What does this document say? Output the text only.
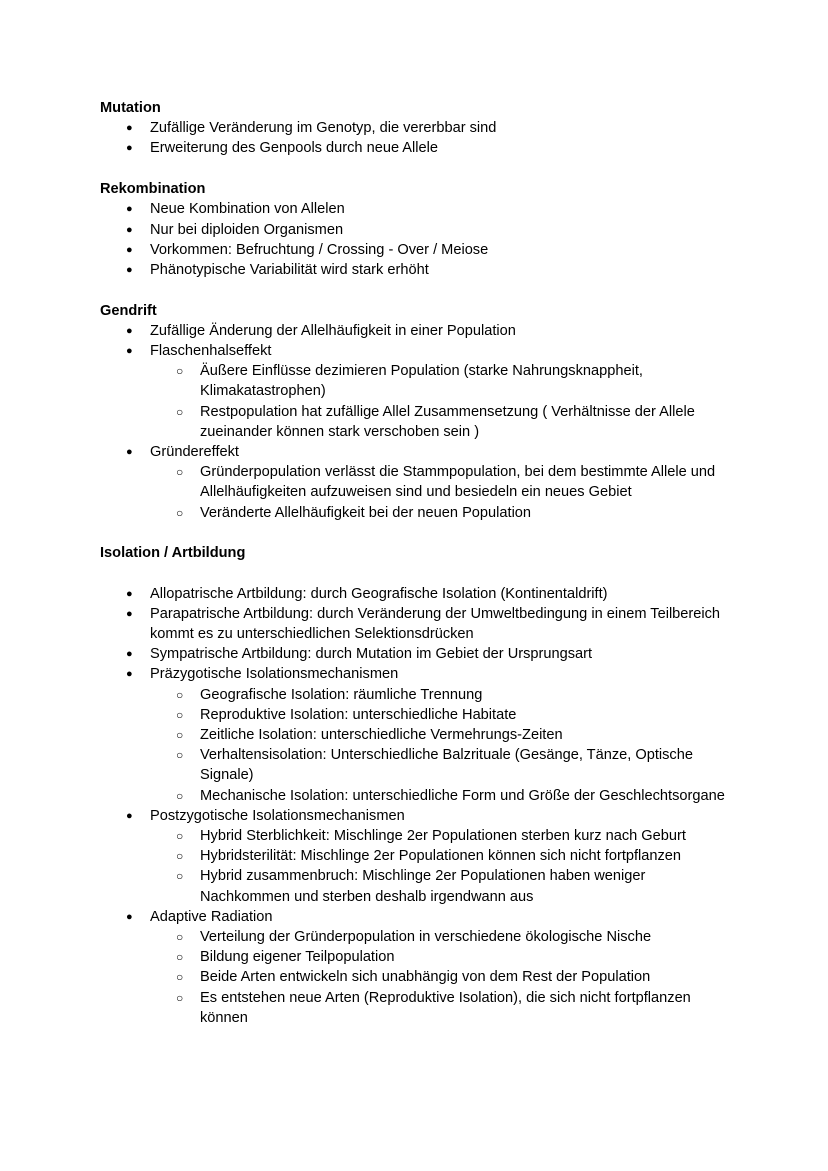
Mutation

● Zufällige Veränderung im Genotyp, die vererbbar sind
● Erweiterung des Genpools durch neue Allele

Rekombination

● Neue Kombination von Allelen
● Nur bei diploiden Organismen
● Vorkommen: Befruchtung / Crossing - Over / Meiose
● Phänotypische Variabilität wird stark erhöht

Gendrift

● Zufällige Änderung der Allelhäufigkeit in einer Population
● Flaschenhalseffekt
○ Äußere Einflüsse dezimieren Population (starke Nahrungsknappheit, Klimakatastrophen)
○ Restpopulation hat zufällige Allel Zusammensetzung ( Verhältnisse der Allele zueinander können stark verschoben sein )
● Gründereffekt
○ Gründerpopulation verlässt die Stammpopulation, bei dem bestimmte Allele und Allelhäufigkeiten aufzuweisen sind und besiedeln ein neues Gebiet
○ Veränderte Allelhäufigkeit bei der neuen Population

Isolation / Artbildung

● Allopatrische Artbildung: durch Geografische Isolation (Kontinentaldrift)
● Parapatrische Artbildung: durch Veränderung der Umweltbedingung in einem Teilbereich kommt es zu unterschiedlichen Selektionsdrücken
● Sympatrische Artbildung: durch Mutation im Gebiet der Ursprungsart
● Präzygotische Isolationsmechanismen
○ Geografische Isolation: räumliche Trennung
○ Reproduktive Isolation: unterschiedliche Habitate
○ Zeitliche Isolation: unterschiedliche Vermehrungs-Zeiten
○ Verhaltensisolation: Unterschiedliche Balzrituale (Gesänge, Tänze, Optische Signale)
○ Mechanische Isolation: unterschiedliche Form und Größe der Geschlechtsorgane
● Postzygotische Isolationsmechanismen
○ Hybrid Sterblichkeit: Mischlinge 2er Populationen sterben kurz nach Geburt
○ Hybridsterilität: Mischlinge 2er Populationen können sich nicht fortpflanzen
○ Hybrid zusammenbruch: Mischlinge 2er Populationen haben weniger Nachkommen und sterben deshalb irgendwann aus
● Adaptive Radiation
○ Verteilung der Gründerpopulation in verschiedene ökologische Nische
○ Bildung eigener Teilpopulation
○ Beide Arten entwickeln sich unabhängig von dem Rest der Population
○ Es entstehen neue Arten (Reproduktive Isolation), die sich nicht fortpflanzen können
